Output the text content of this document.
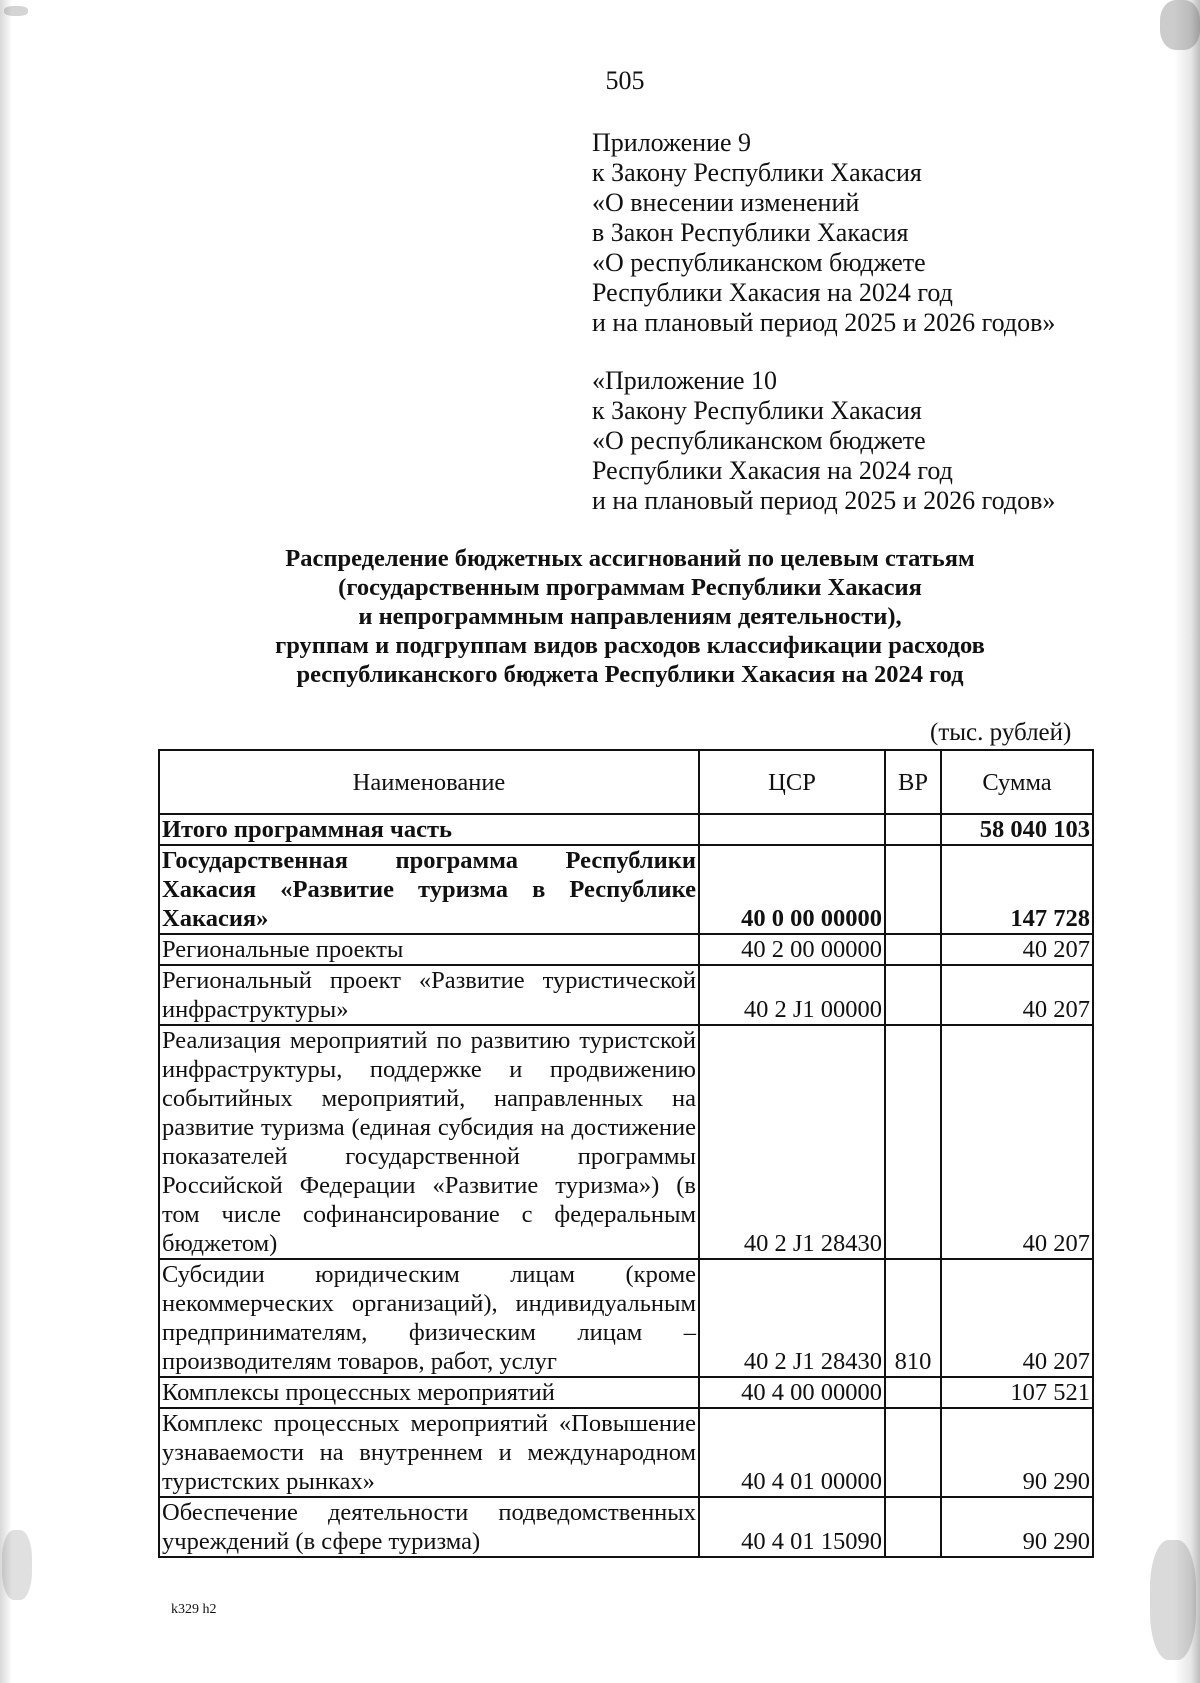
505
Приложение 9
к Закону Республики Хакасия
«О внесении изменений
в Закон Республики Хакасия
«О республиканском бюджете
Республики Хакасия на 2024 год
и на плановый период 2025 и 2026 годов»
«Приложение 10
к Закону Республики Хакасия
«О республиканском бюджете
Республики Хакасия на 2024 год
и на плановый период 2025 и 2026 годов»
Распределение бюджетных ассигнований по целевым статьям
(государственным программам Республики Хакасия
и непрограммным направлениям деятельности),
группам и подгруппам видов расходов классификации расходов
республиканского бюджета Республики Хакасия на 2024 год
(тыс. рублей)
Наименование	ЦСР	ВР	Сумма
Итого программная часть			58 040 103
Государственная программа Республики Хакасия «Развитие туризма в Республике Хакасия»	40 0 00 00000		147 728
Региональные проекты	40 2 00 00000		40 207
Региональный проект «Развитие туристической инфраструктуры»	40 2 J1 00000		40 207
Реализация мероприятий по развитию туристской инфраструктуры, поддержке и продвижению событийных мероприятий, направленных на развитие туризма (единая субсидия на достижение показателей государственной программы Российской Федерации «Развитие туризма») (в том числе софинансирование с федеральным бюджетом)	40 2 J1 28430		40 207
Субсидии юридическим лицам (кроме некоммерческих организаций), индивидуальным предпринимателям, физическим лицам – производителям товаров, работ, услуг	40 2 J1 28430	810	40 207
Комплексы процессных мероприятий	40 4 00 00000		107 521
Комплекс процессных мероприятий «Повышение узнаваемости на внутреннем и международном туристских рынках»	40 4 01 00000		90 290
Обеспечение деятельности подведомственных учреждений (в сфере туризма)	40 4 01 15090		90 290
k329 h2
